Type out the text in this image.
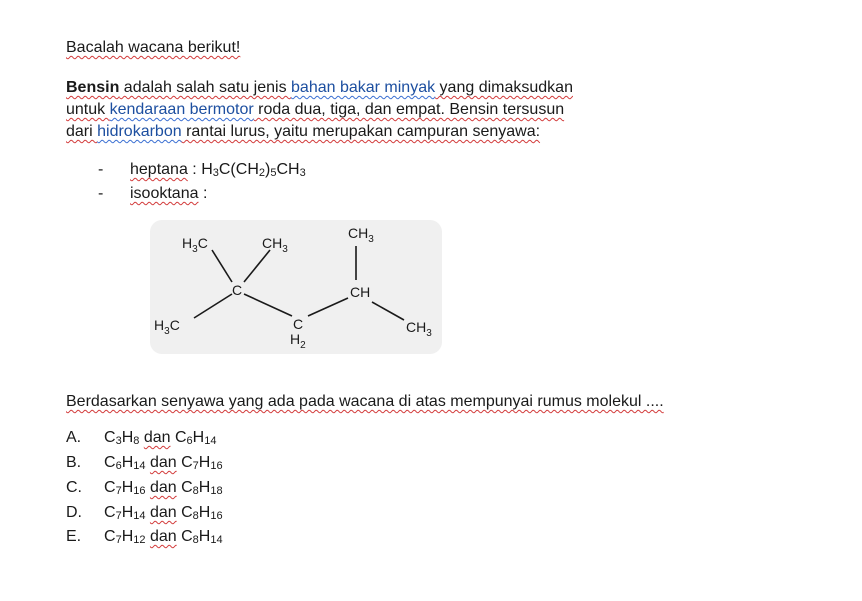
Bacalah wacana berikut!
Bensin adalah salah satu jenis bahan bakar minyak yang dimaksudkan
untuk kendaraan bermotor roda dua, tiga, dan empat. Bensin tersusun
dari hidrokarbon rantai lurus, yaitu merupakan campuran senyawa:
- heptana : $H_3C(CH_2)_5CH_3$
- isooktana :
$H_3C$	$CH_3$
$CH_3$
C	CH
$H_3C$	C
$H_2$
$CH_3$
Berdasarkan senyawa yang ada pada wacana di atas mempunyai rumus molekul ....
A. $C_3H_8$ dan $C_6H_{14}$
B. $C_6H_{14}$ dan $C_7H_{16}$
C. $C_7H_{16}$ dan $C_8H_{18}$
D. $C_7H_{14}$ dan $C_8H_{16}$
E. $C_7H_{12}$ dan $C_8H_{14}$
